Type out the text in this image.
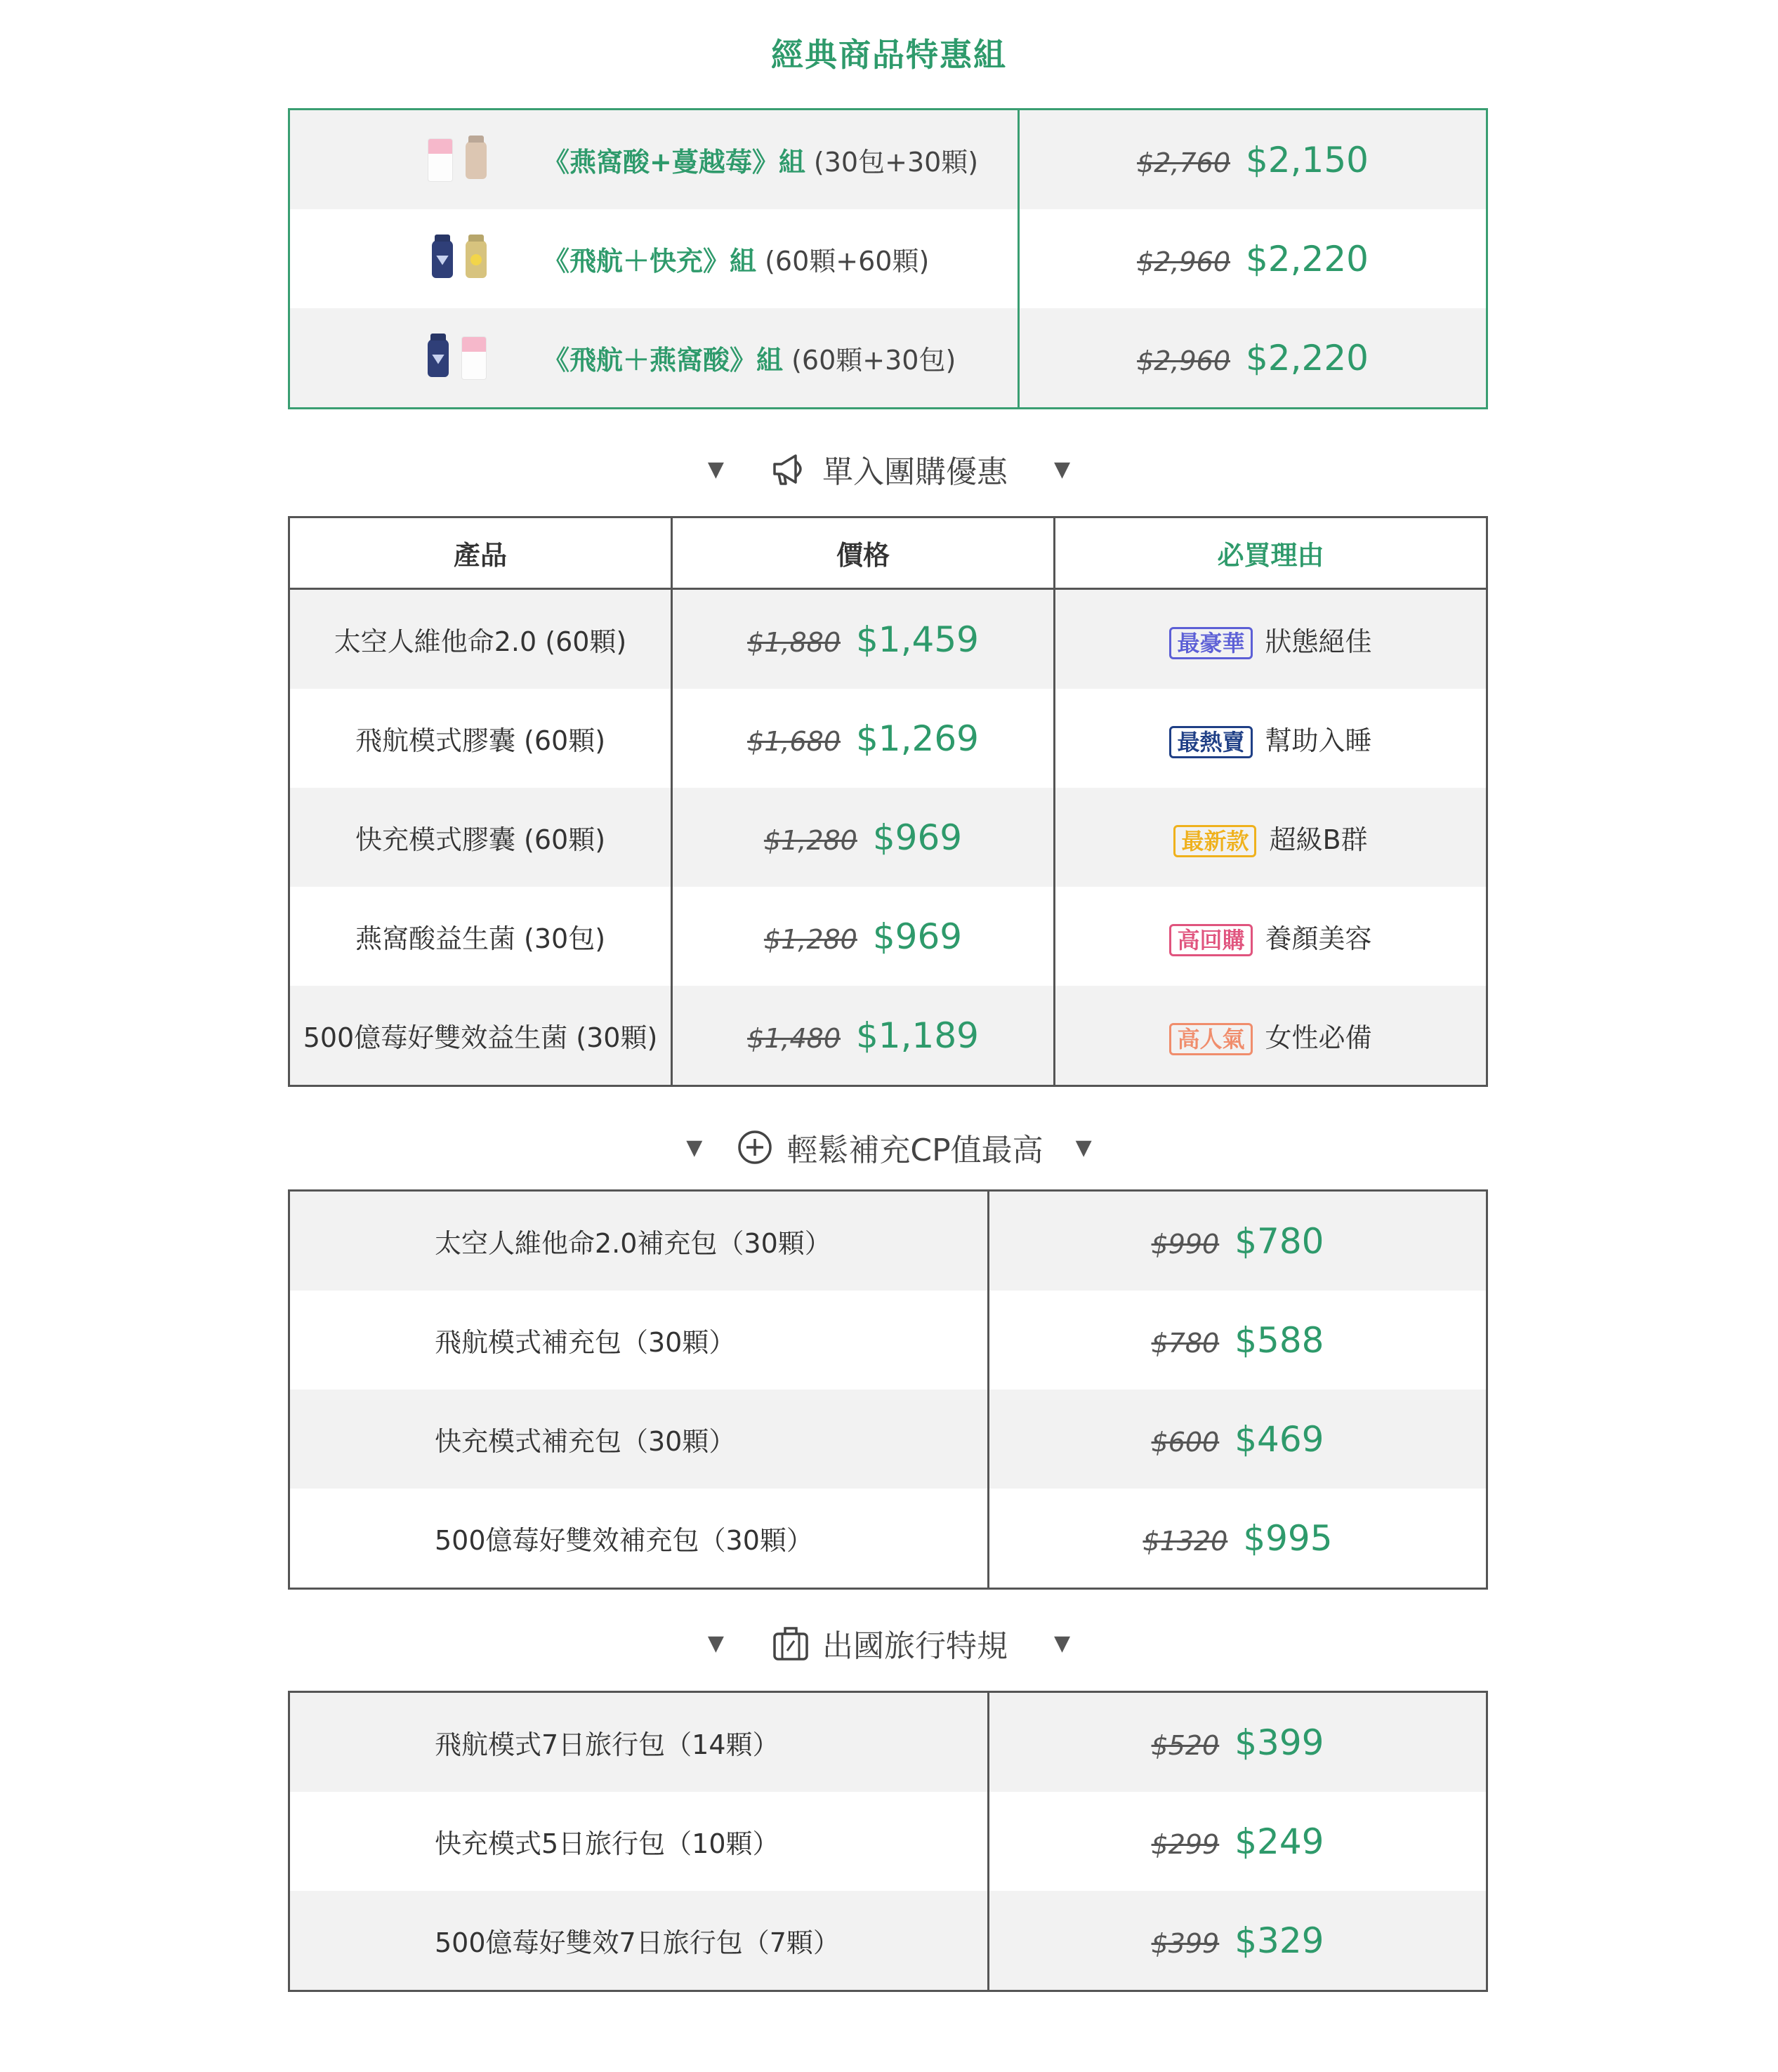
經典商品特惠組
《燕窩酸+蔓越莓》組 (30包+30顆)	$2,760 $2,150

《飛航＋快充》組 (60顆+60顆)	$2,960 $2,220

《飛航＋燕窩酸》組 (60顆+30包)	$2,960 $2,220
▼	單入團購優惠 ▼
產品	價格	必買理由
太空人維他命2.0 (60顆)	$1,880 $1,459	最豪華 狀態絕佳
飛航模式膠囊 (60顆)	$1,680 $1,269	最熱賣 幫助入睡
快充模式膠囊 (60顆)	$1,280 $969	最新款 超級B群
燕窩酸益生菌 (30包)	$1,280 $969	高回購 養顏美容
500億莓好雙效益生菌 (30顆)	$1,480 $1,189	高人氣 女性必備
▼	輕鬆補充CP值最高 ▼
太空人維他命2.0補充包（30顆）	$990 $780
飛航模式補充包（30顆）	$780 $588
快充模式補充包（30顆）	$600 $469
500億莓好雙效補充包（30顆）	$1320 $995
▼	出國旅行特規 ▼
飛航模式7日旅行包（14顆）	$520 $399
快充模式5日旅行包（10顆）	$299 $249
500億莓好雙效7日旅行包（7顆）	$399 $329
